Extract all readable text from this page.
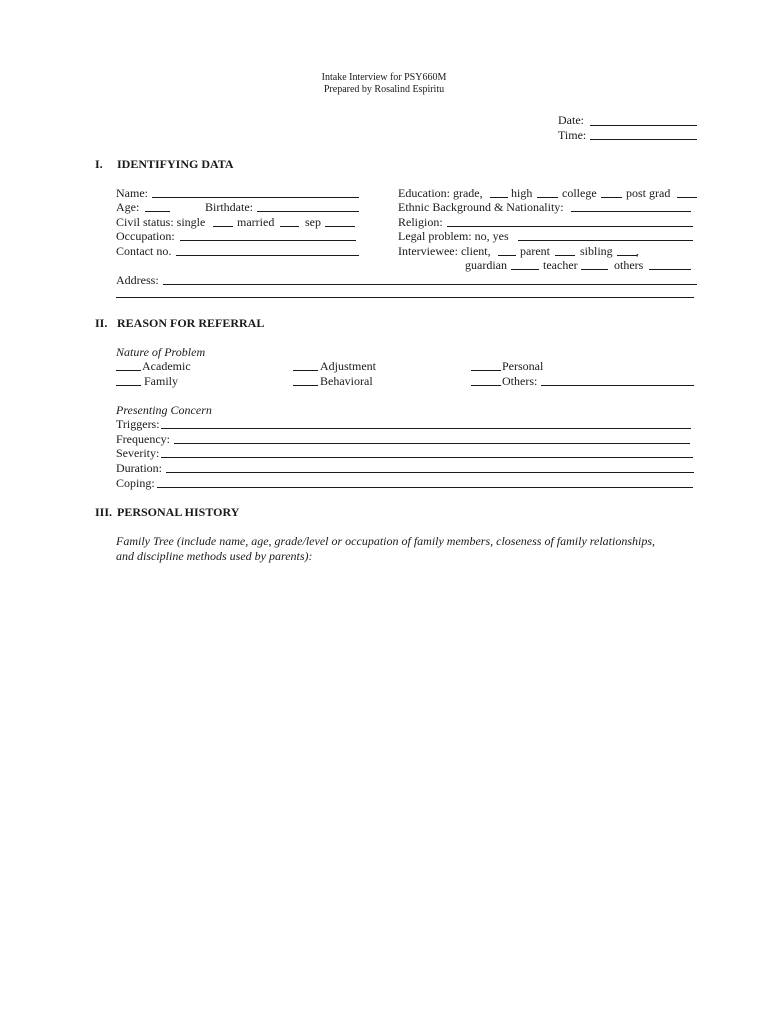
Intake Interview for PSY660M
Prepared by Rosalind Espiritu
Date:
Time:
I. IDENTIFYING DATA
Name:
Age:	Birthdate:
Civil status: single	married	sep
Occupation:
Contact no.
Education: grade, high college post grad
Ethnic Background & Nationality:
Religion:
Legal problem: no, yes
Interviewee: client, parent	sibling ,
guardian	teacher	others
Address:
II. REASON FOR REFERRAL
Nature of Problem
Academic	Adjustment	Personal
Family	Behavioral	Others:
Presenting Concern
Triggers:
Frequency:
Severity:
Duration:
Coping:
III. PERSONAL HISTORY
Family Tree (include name, age, grade/level or occupation of family members, closeness of family relationships,
and discipline methods used by parents):
